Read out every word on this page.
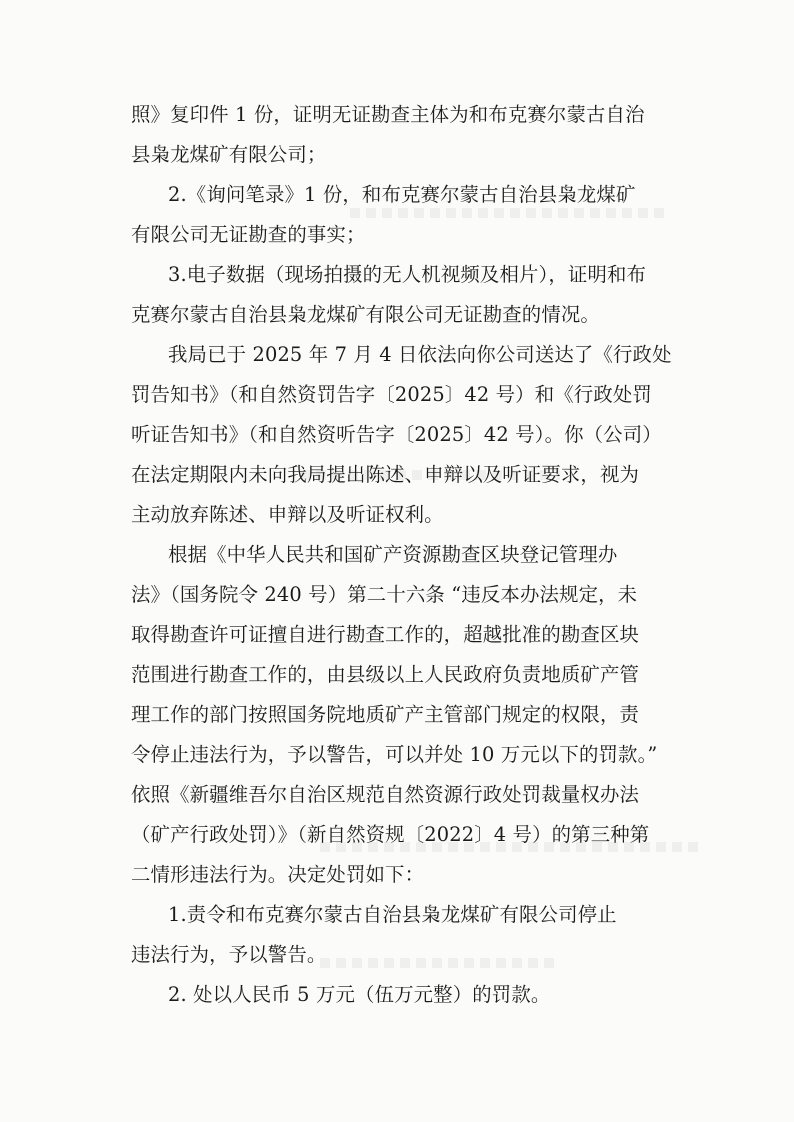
照》复印件 1 份，证明无证勘查主体为和布克赛尔蒙古自治
县枭龙煤矿有限公司；
2.《询问笔录》1 份，和布克赛尔蒙古自治县枭龙煤矿
有限公司无证勘查的事实；
3.电子数据（现场拍摄的无人机视频及相片），证明和布
克赛尔蒙古自治县枭龙煤矿有限公司无证勘查的情况。
我局已于 2025 年 7 月 4 日依法向你公司送达了《行政处
罚告知书》（和自然资罚告字〔2025〕42 号）和《行政处罚
听证告知书》（和自然资听告字〔2025〕42 号）。你（公司）
在法定期限内未向我局提出陈述、申辩以及听证要求，视为
主动放弃陈述、申辩以及听证权利。
根据《中华人民共和国矿产资源勘查区块登记管理办
法》（国务院令 240 号）第二十六条 “违反本办法规定，未
取得勘查许可证擅自进行勘查工作的，超越批准的勘查区块
范围进行勘查工作的，由县级以上人民政府负责地质矿产管
理工作的部门按照国务院地质矿产主管部门规定的权限，责
令停止违法行为，予以警告，可以并处 10 万元以下的罚款。”
依照《新疆维吾尔自治区规范自然资源行政处罚裁量权办法
（矿产行政处罚）》（新自然资规〔2022〕4 号）的第三种第
二情形违法行为。决定处罚如下：
1.责令和布克赛尔蒙古自治县枭龙煤矿有限公司停止
违法行为，予以警告。
2. 处以人民币 5 万元（伍万元整）的罚款。
